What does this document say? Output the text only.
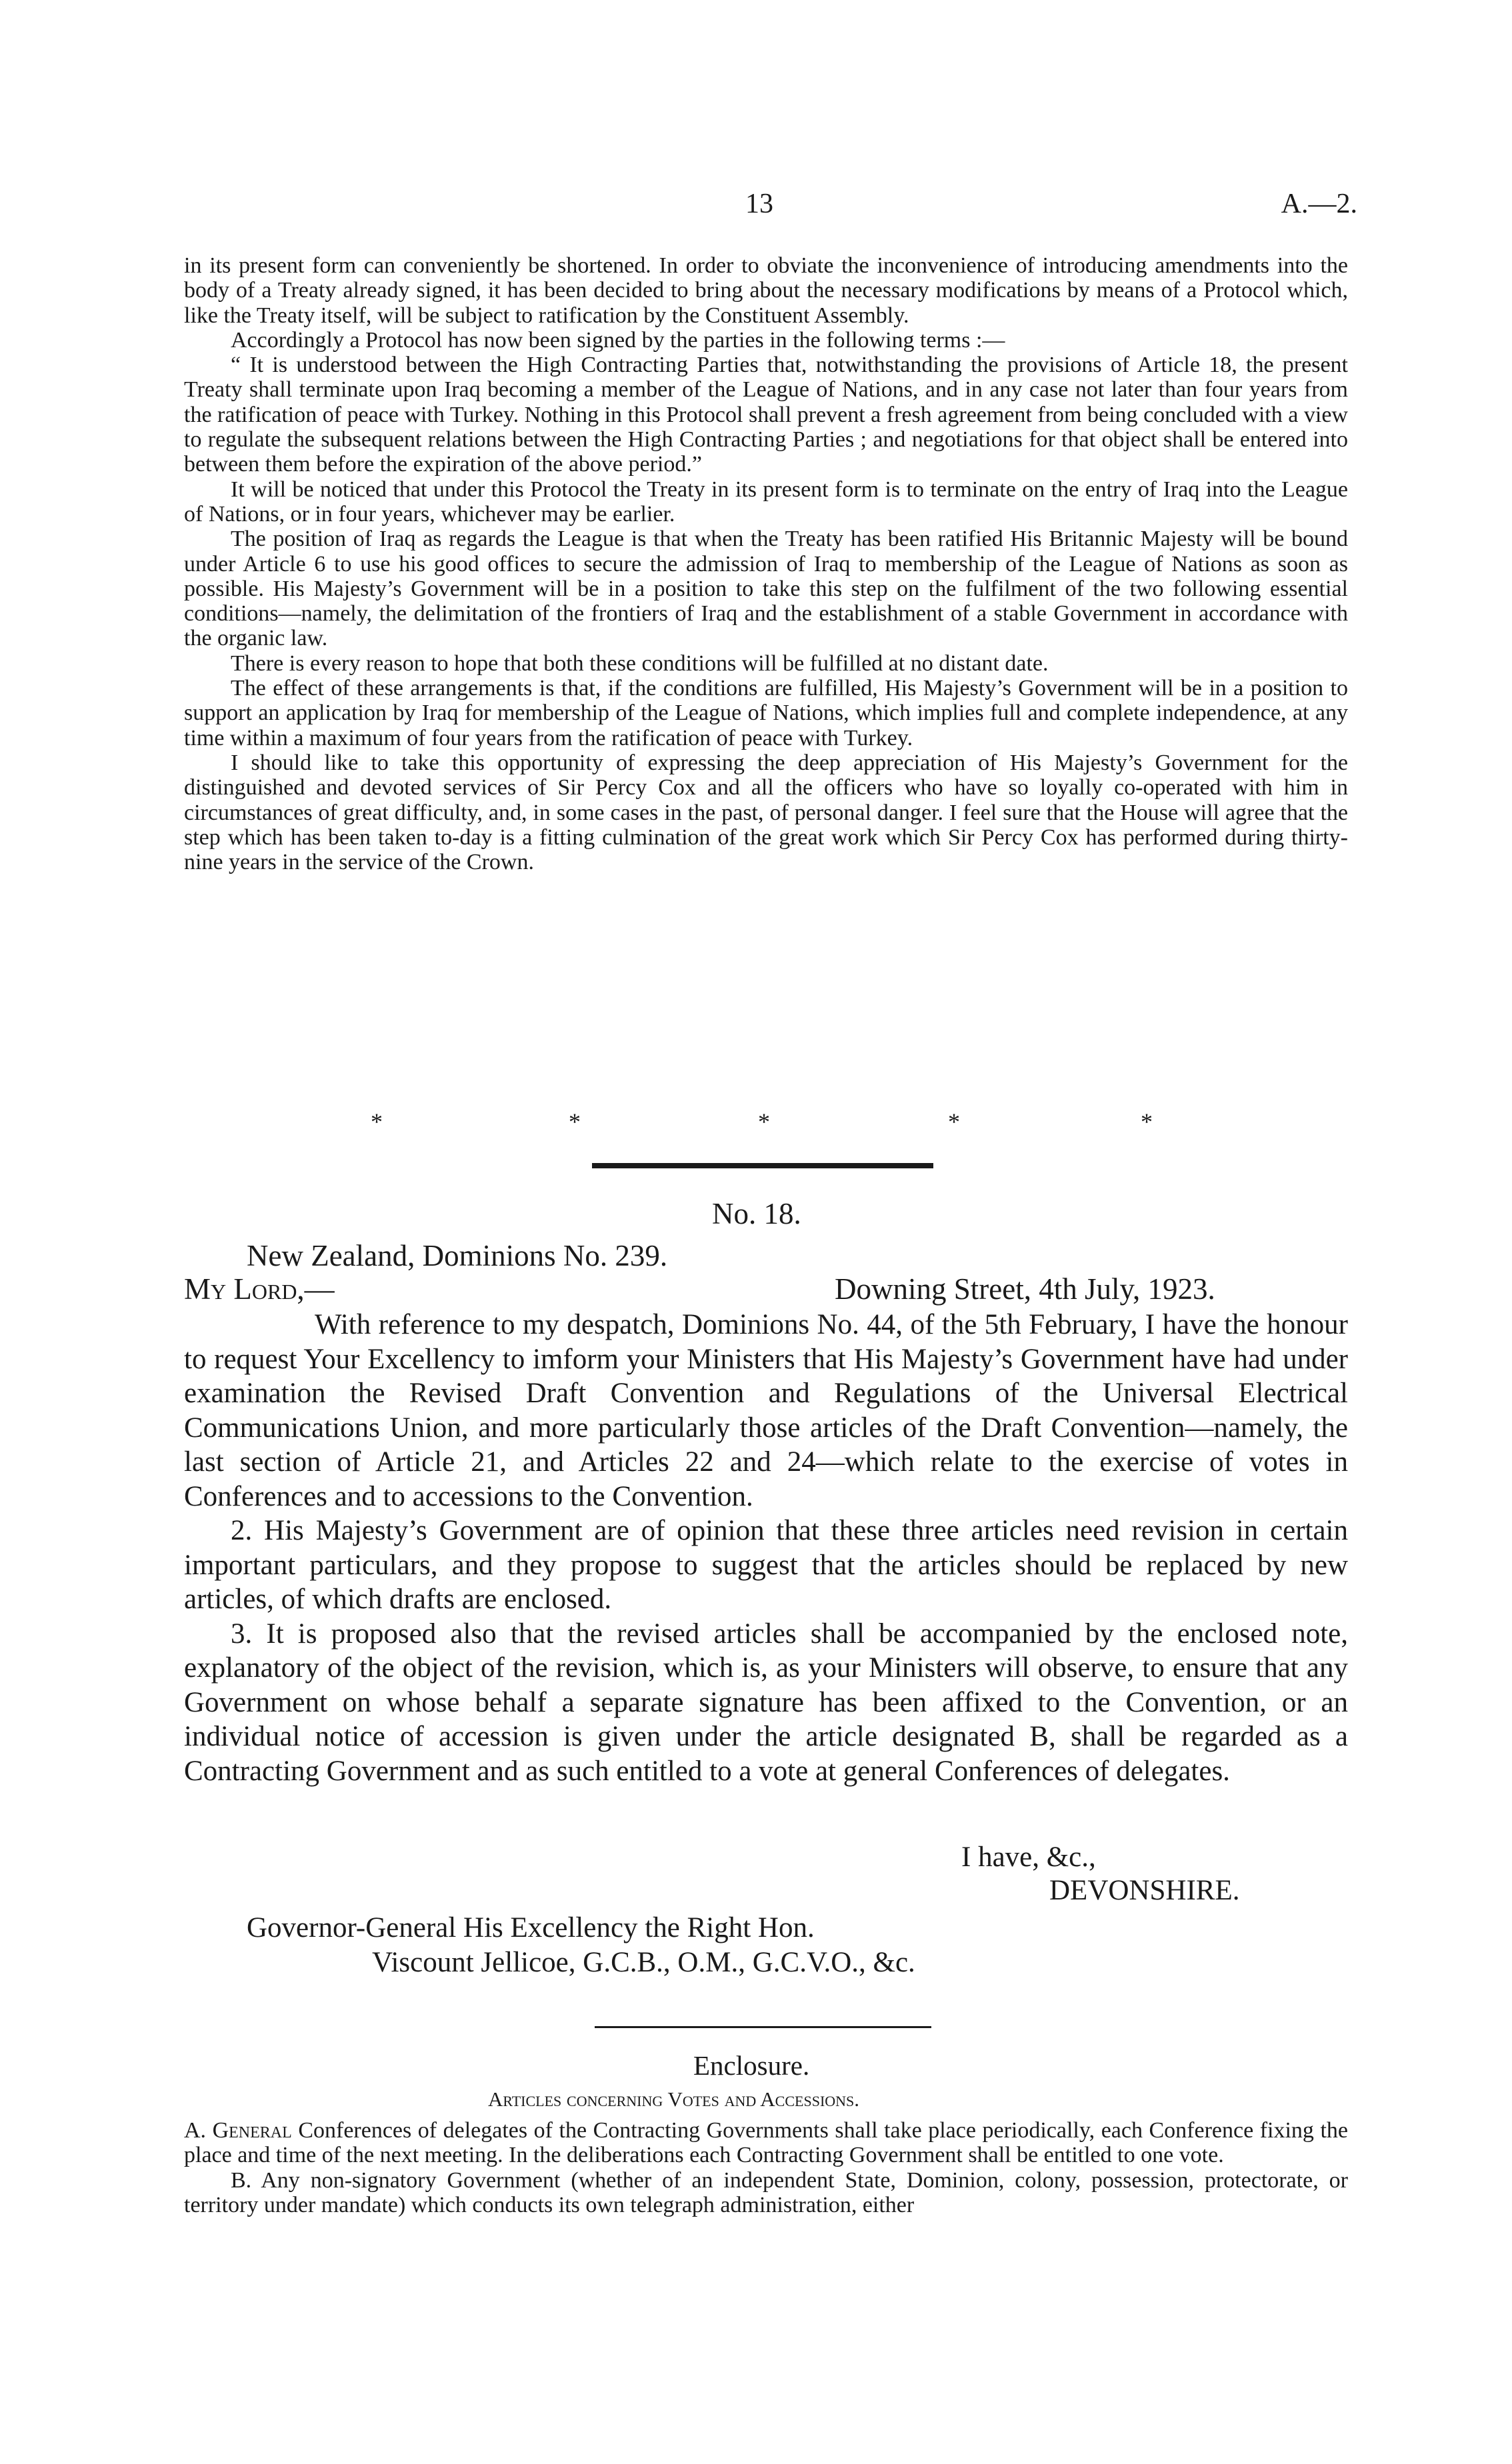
13	A.—2.

in its present form can conveniently be shortened. In order to obviate the inconvenience of introducing amendments into the body of a Treaty already signed, it has been decided to bring about the necessary modifications by means of a Protocol which, like the Treaty itself, will be subject to ratification by the Constituent Assembly.

Accordingly a Protocol has now been signed by the parties in the following terms :—

“ It is understood between the High Contracting Parties that, notwithstanding the provisions of Article 18, the present Treaty shall terminate upon Iraq becoming a member of the League of Nations, and in any case not later than four years from the ratification of peace with Turkey. Nothing in this Protocol shall prevent a fresh agreement from being concluded with a view to regulate the subsequent relations between the High Contracting Parties ; and negotiations for that object shall be entered into between them before the expiration of the above period.”

It will be noticed that under this Protocol the Treaty in its present form is to terminate on the entry of Iraq into the League of Nations, or in four years, whichever may be earlier.

The position of Iraq as regards the League is that when the Treaty has been ratified His Britannic Majesty will be bound under Article 6 to use his good offices to secure the admission of Iraq to membership of the League of Nations as soon as possible. His Majesty’s Government will be in a position to take this step on the fulfilment of the two following essential conditions—namely, the delimitation of the frontiers of Iraq and the establishment of a stable Government in accordance with the organic law.

There is every reason to hope that both these conditions will be fulfilled at no distant date.

The effect of these arrangements is that, if the conditions are fulfilled, His Majesty’s Government will be in a position to support an application by Iraq for membership of the League of Nations, which implies full and complete independence, at any time within a maximum of four years from the ratification of peace with Turkey.

I should like to take this opportunity of expressing the deep appreciation of His Majesty’s Government for the distinguished and devoted services of Sir Percy Cox and all the officers who have so loyally co-operated with him in circumstances of great difficulty, and, in some cases in the past, of personal danger. I feel sure that the House will agree that the step which has been taken to-day is a fitting culmination of the great work which Sir Percy Cox has performed during thirty-nine years in the service of the Crown.

*	*	*	*	*
No. 18.
New Zealand, Dominions No. 239.
My Lord,—	Downing Street, 4th July, 1923.

With reference to my despatch, Dominions No. 44, of the 5th February, I have the honour to request Your Excellency to imform your Ministers that His Majesty’s Government have had under examination the Revised Draft Convention and Regulations of the Universal Electrical Communications Union, and more particularly those articles of the Draft Convention—namely, the last section of Article 21, and Articles 22 and 24—which relate to the exercise of votes in Conferences and to accessions to the Convention.

2. His Majesty’s Government are of opinion that these three articles need revision in certain important particulars, and they propose to suggest that the articles should be replaced by new articles, of which drafts are enclosed.

3. It is proposed also that the revised articles shall be accompanied by the enclosed note, explanatory of the object of the revision, which is, as your Ministers will observe, to ensure that any Government on whose behalf a separate signature has been affixed to the Convention, or an individual notice of accession is given under the article designated B, shall be regarded as a Contracting Government and as such entitled to a vote at general Conferences of delegates.

I have, &c.,
DEVONSHIRE.
Governor-General His Excellency the Right Hon.
Viscount Jellicoe, G.C.B., O.M., G.C.V.O., &c.
Enclosure.
Articles concerning Votes and Accessions.

A. General Conferences of delegates of the Contracting Governments shall take place periodically, each Conference fixing the place and time of the next meeting. In the deliberations each Contracting Government shall be entitled to one vote.

B. Any non-signatory Government (whether of an independent State, Dominion, colony, possession, protectorate, or territory under mandate) which conducts its own telegraph administration, either
